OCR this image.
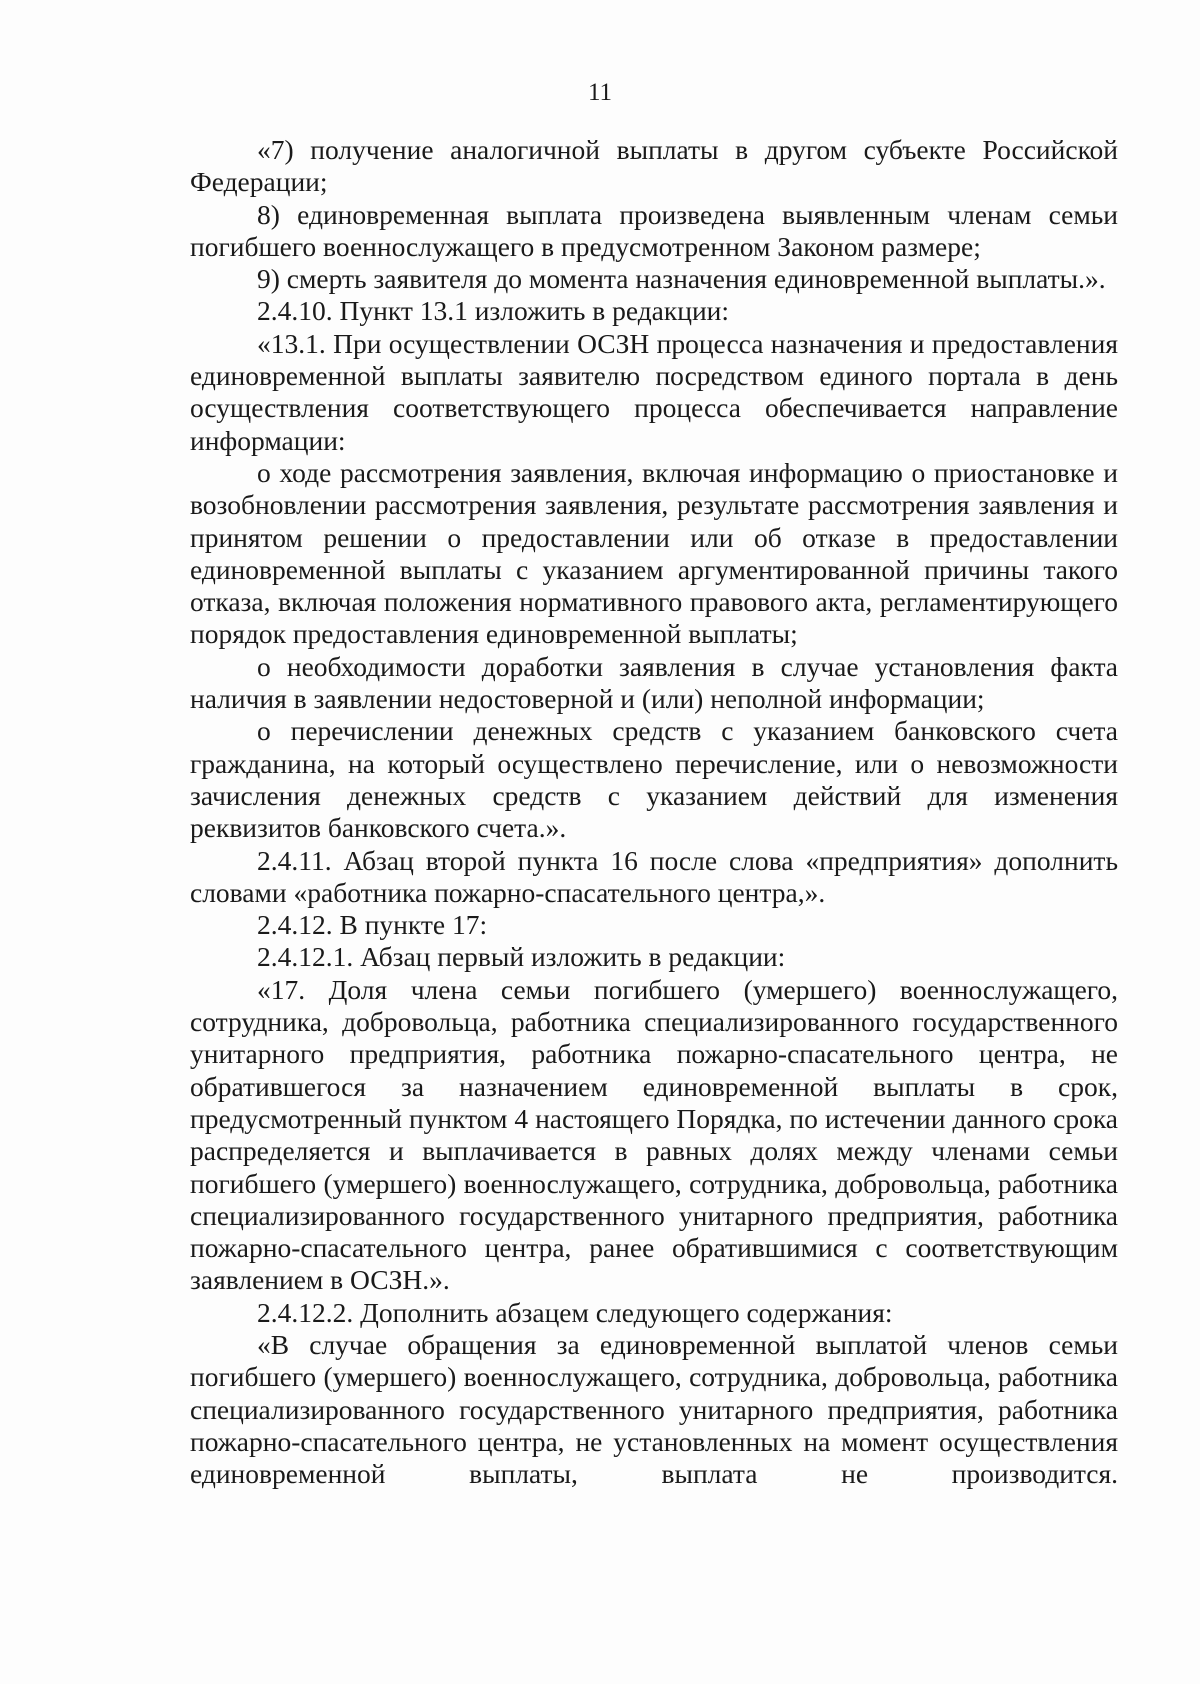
11

«7) получение аналогичной выплаты в другом субъекте Российской Федерации;

8) единовременная выплата произведена выявленным членам семьи погибшего военнослужащего в предусмотренном Законом размере;

9) смерть заявителя до момента назначения единовременной выплаты.».

2.4.10. Пункт 13.1 изложить в редакции:

«13.1. При осуществлении ОСЗН процесса назначения и предоставления единовременной выплаты заявителю посредством единого портала в день осуществления соответствующего процесса обеспечивается направление информации:

о ходе рассмотрения заявления, включая информацию о приостановке и возобновлении рассмотрения заявления, результате рассмотрения заявления и принятом решении о предоставлении или об отказе в предоставлении единовременной выплаты с указанием аргументированной причины такого отказа, включая положения нормативного правового акта, регламентирующего порядок предоставления единовременной выплаты;

о необходимости доработки заявления в случае установления факта наличия в заявлении недостоверной и (или) неполной информации;

о перечислении денежных средств с указанием банковского счета гражданина, на который осуществлено перечисление, или о невозможности зачисления денежных средств с указанием действий для изменения реквизитов банковского счета.».

2.4.11. Абзац второй пункта 16 после слова «предприятия» дополнить словами «работника пожарно-спасательного центра,».

2.4.12. В пункте 17:

2.4.12.1. Абзац первый изложить в редакции:

«17. Доля члена семьи погибшего (умершего) военнослужащего, сотрудника, добровольца, работника специализированного государственного унитарного предприятия, работника пожарно-спасательного центра, не обратившегося за назначением единовременной выплаты в срок, предусмотренный пунктом 4 настоящего Порядка, по истечении данного срока распределяется и выплачивается в равных долях между членами семьи погибшего (умершего) военнослужащего, сотрудника, добровольца, работника специализированного государственного унитарного предприятия, работника пожарно-спасательного центра, ранее обратившимися с соответствующим заявлением в ОСЗН.».

2.4.12.2. Дополнить абзацем следующего содержания:

«В случае обращения за единовременной выплатой членов семьи погибшего (умершего) военнослужащего, сотрудника, добровольца, работника специализированного государственного унитарного предприятия, работника пожарно-спасательного центра, не установленных на момент осуществления единовременной выплаты, выплата не производится.
